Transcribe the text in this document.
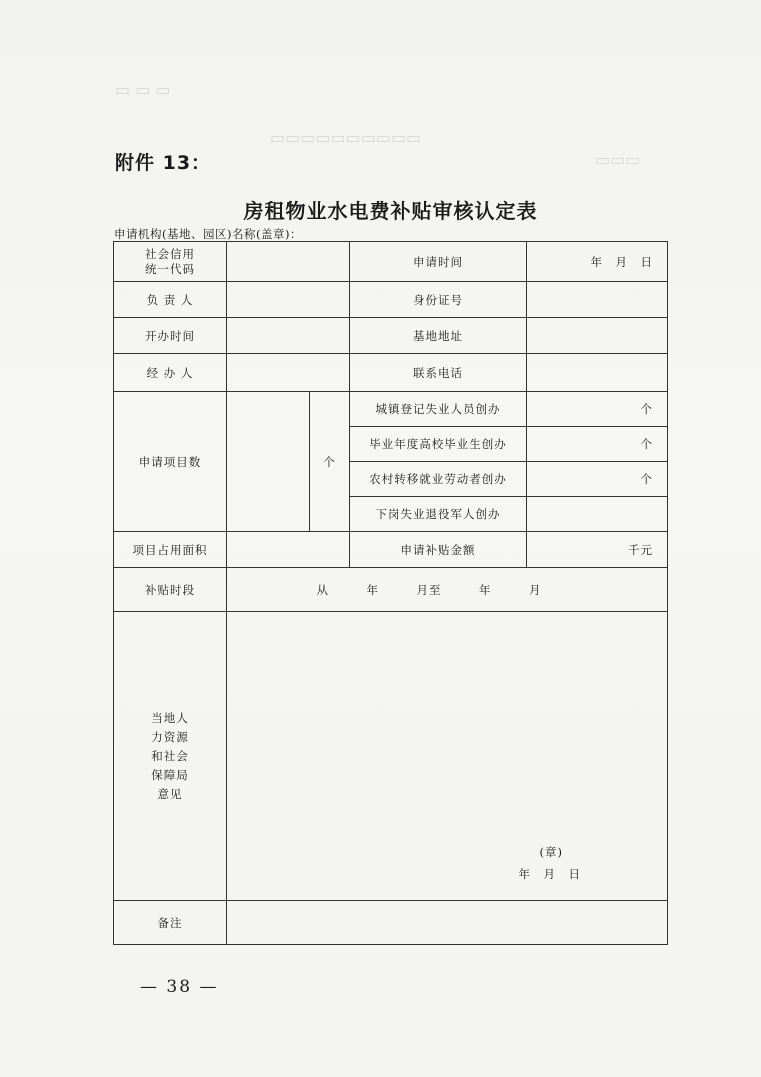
▭ ▭ ▭
▭▭▭▭▭▭▭▭▭▭
▭▭▭
附件 13：
房租物业水电费补贴审核认定表
申请机构(基地、园区)名称(盖章)：
社会信用
统一代码			申请时间	年　月　日
负 责 人			身份证号	
开办时间			基地地址	
经 办 人			联系电话	
申请项目数		个	城镇登记失业人员创办	个
			毕业年度高校毕业生创办	个
			农村转移就业劳动者创办	个
			下岗失业退役军人创办	
项目占用面积			申请补贴金额	千元
补贴时段	从　　　年　　　月至　　　年　　　月			
当地人
力资源
和社会
保障局
意见	(章)
年　月　日			

备注				
— 38 —
